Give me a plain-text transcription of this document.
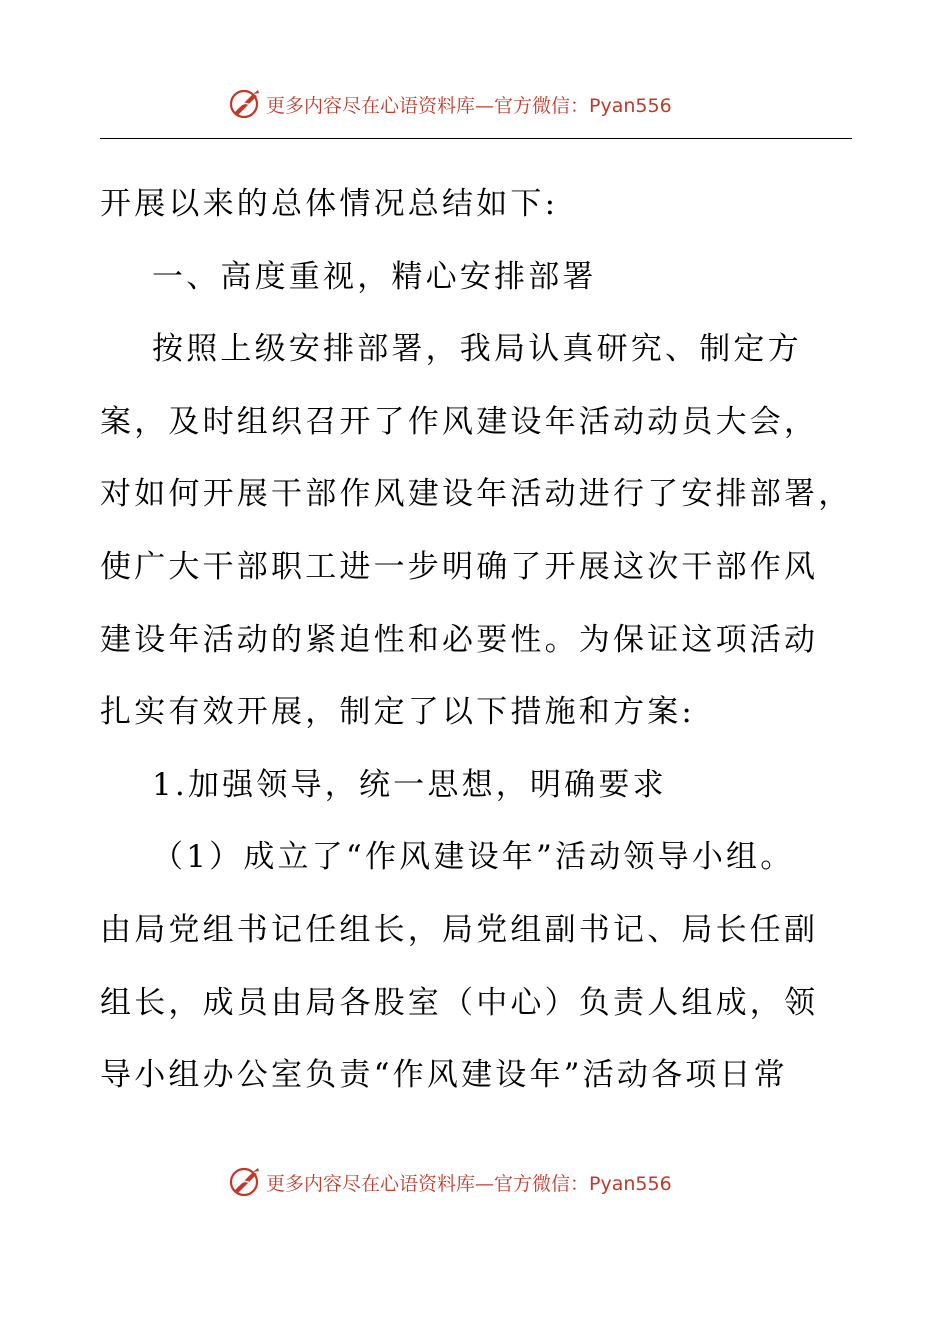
更多内容尽在心语资料库—官方微信：Pyan556
开展以来的总体情况总结如下:
一、高度重视，精心安排部署
按照上级安排部署，我局认真研究、制定方
案，及时组织召开了作风建设年活动动员大会，
对如何开展干部作风建设年活动进行了安排部署，
使广大干部职工进一步明确了开展这次干部作风
建设年活动的紧迫性和必要性。为保证这项活动
扎实有效开展，制定了以下措施和方案:
1.加强领导，统一思想，明确要求
（1）成立了“作风建设年”活动领导小组。
由局党组书记任组长，局党组副书记、局长任副
组长，成员由局各股室（中心）负责人组成，领
导小组办公室负责“作风建设年”活动各项日常
更多内容尽在心语资料库—官方微信：Pyan556
